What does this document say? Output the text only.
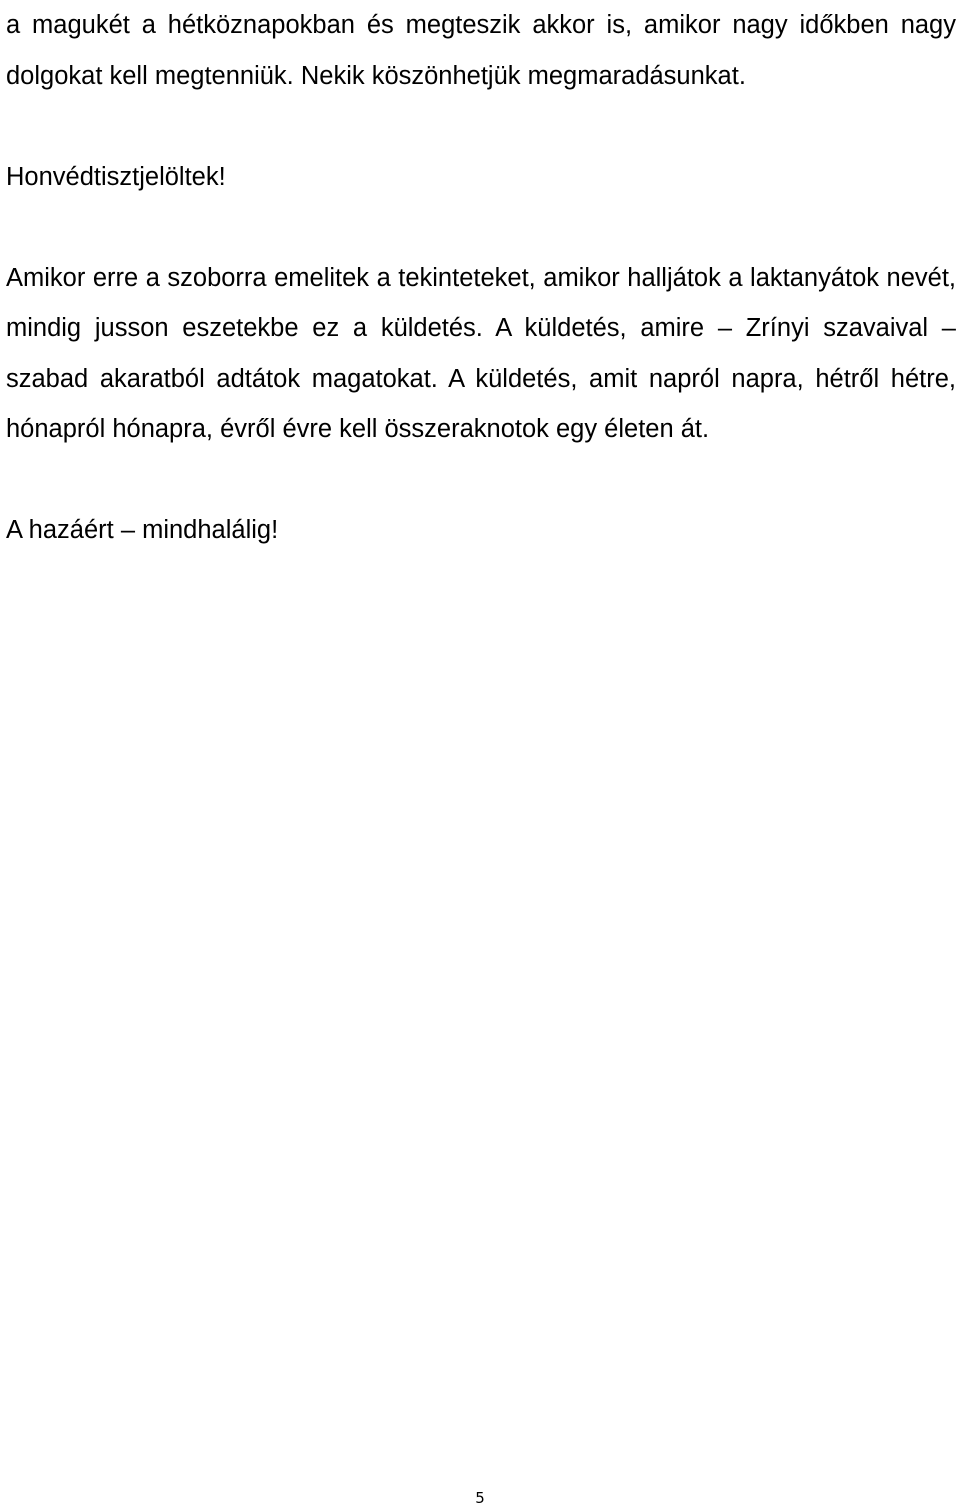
a magukét a hétköznapokban és megteszik akkor is, amikor nagy időkben nagy dolgokat kell megtenniük. Nekik köszönhetjük megmaradásunkat.

Honvédtisztjelöltek!

Amikor erre a szoborra emelitek a tekinteteket, amikor halljátok a laktanyátok nevét, mindig jusson eszetekbe ez a küldetés. A küldetés, amire – Zrínyi szavaival – szabad akaratból adtátok magatokat. A küldetés, amit napról napra, hétről hétre, hónapról hónapra, évről évre kell összeraknotok egy életen át.

A hazáért – mindhalálig!

5
